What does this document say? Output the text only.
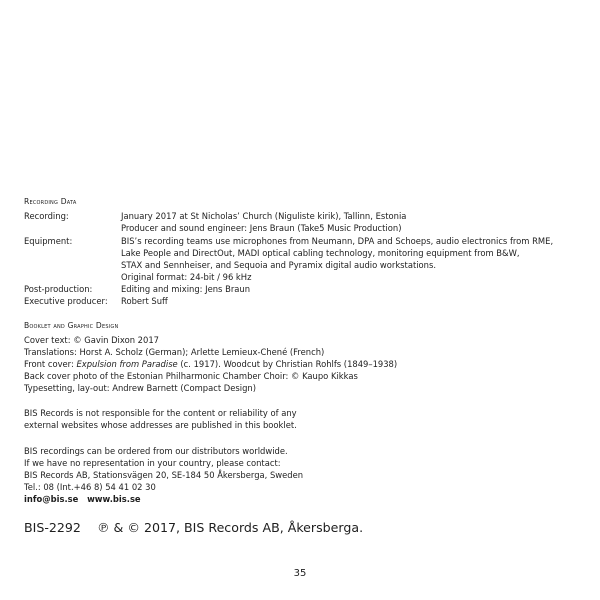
Recording Data
Recording:	January 2017 at St Nicholas’ Church (Niguliste kirik), Tallinn, Estonia
Producer and sound engineer: Jens Braun (Take5 Music Production)
Equipment:	BIS’s recording teams use microphones from Neumann, DPA and Schoeps, audio electronics from RME,
Lake People and DirectOut, MADI optical cabling technology, monitoring equipment from B&W,
STAX and Sennheiser, and Sequoia and Pyramix digital audio workstations.
Original format: 24-bit / 96 kHz
Post-production:	Editing and mixing: Jens Braun
Executive producer: Robert Suff
Booklet and Graphic Design
Cover text: © Gavin Dixon 2017
Translations: Horst A. Scholz (German); Arlette Lemieux-Chené (French)
Front cover: Expulsion from Paradise (c. 1917). Woodcut by Christian Rohlfs (1849–1938)
Back cover photo of the Estonian Philharmonic Chamber Choir: © Kaupo Kikkas
Typesetting, lay-out: Andrew Barnett (Compact Design)
BIS Records is not responsible for the content or reliability of any
external websites whose addresses are published in this booklet.
BIS recordings can be ordered from our distributors worldwide.
If we have no representation in your country, please contact:
BIS Records AB, Stationsvägen 20, SE-184 50 Åkersberga, Sweden
Tel.: 08 (Int.+46 8) 54 41 02 30
info@bis.se www.bis.se
BIS-2292 ℗ & © 2017, BIS Records AB, Åkersberga.
35
